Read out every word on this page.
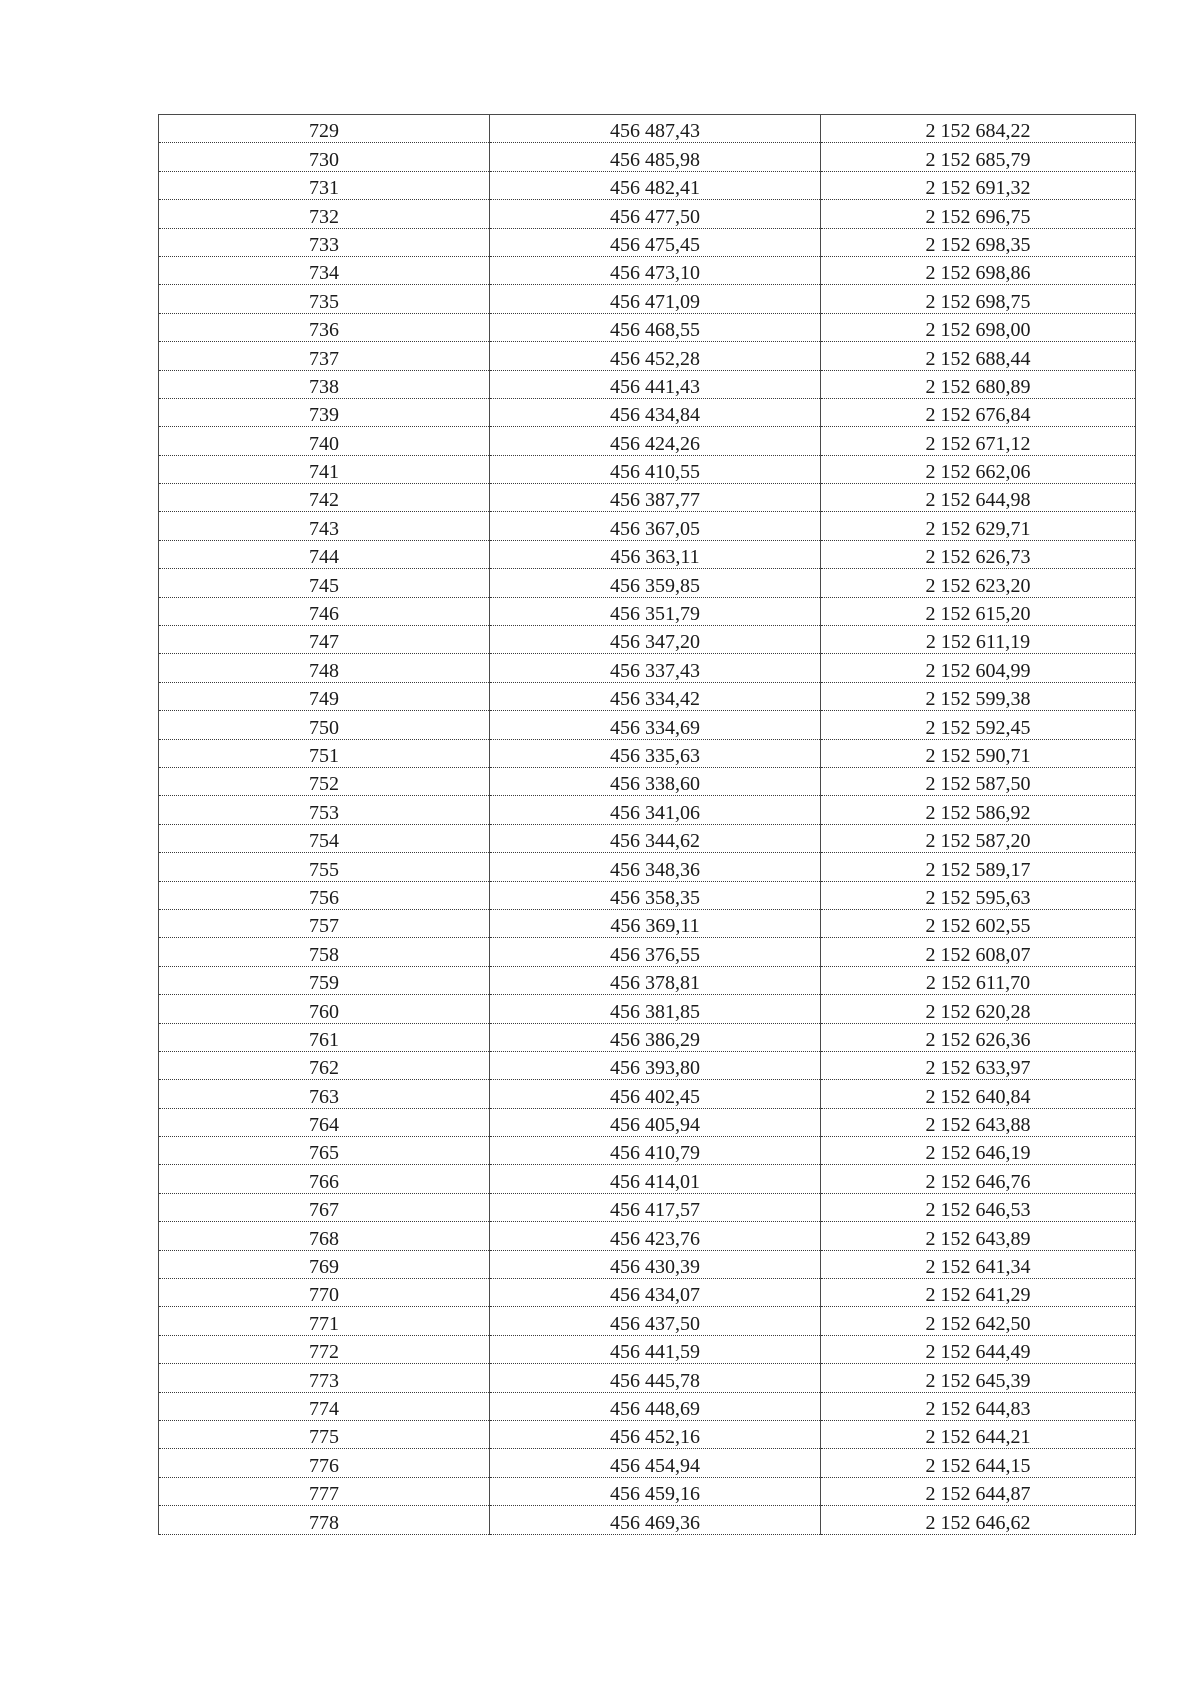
729	456 487,43	2 152 684,22
730	456 485,98	2 152 685,79
731	456 482,41	2 152 691,32
732	456 477,50	2 152 696,75
733	456 475,45	2 152 698,35
734	456 473,10	2 152 698,86
735	456 471,09	2 152 698,75
736	456 468,55	2 152 698,00
737	456 452,28	2 152 688,44
738	456 441,43	2 152 680,89
739	456 434,84	2 152 676,84
740	456 424,26	2 152 671,12
741	456 410,55	2 152 662,06
742	456 387,77	2 152 644,98
743	456 367,05	2 152 629,71
744	456 363,11	2 152 626,73
745	456 359,85	2 152 623,20
746	456 351,79	2 152 615,20
747	456 347,20	2 152 611,19
748	456 337,43	2 152 604,99
749	456 334,42	2 152 599,38
750	456 334,69	2 152 592,45
751	456 335,63	2 152 590,71
752	456 338,60	2 152 587,50
753	456 341,06	2 152 586,92
754	456 344,62	2 152 587,20
755	456 348,36	2 152 589,17
756	456 358,35	2 152 595,63
757	456 369,11	2 152 602,55
758	456 376,55	2 152 608,07
759	456 378,81	2 152 611,70
760	456 381,85	2 152 620,28
761	456 386,29	2 152 626,36
762	456 393,80	2 152 633,97
763	456 402,45	2 152 640,84
764	456 405,94	2 152 643,88
765	456 410,79	2 152 646,19
766	456 414,01	2 152 646,76
767	456 417,57	2 152 646,53
768	456 423,76	2 152 643,89
769	456 430,39	2 152 641,34
770	456 434,07	2 152 641,29
771	456 437,50	2 152 642,50
772	456 441,59	2 152 644,49
773	456 445,78	2 152 645,39
774	456 448,69	2 152 644,83
775	456 452,16	2 152 644,21
776	456 454,94	2 152 644,15
777	456 459,16	2 152 644,87
778	456 469,36	2 152 646,62
